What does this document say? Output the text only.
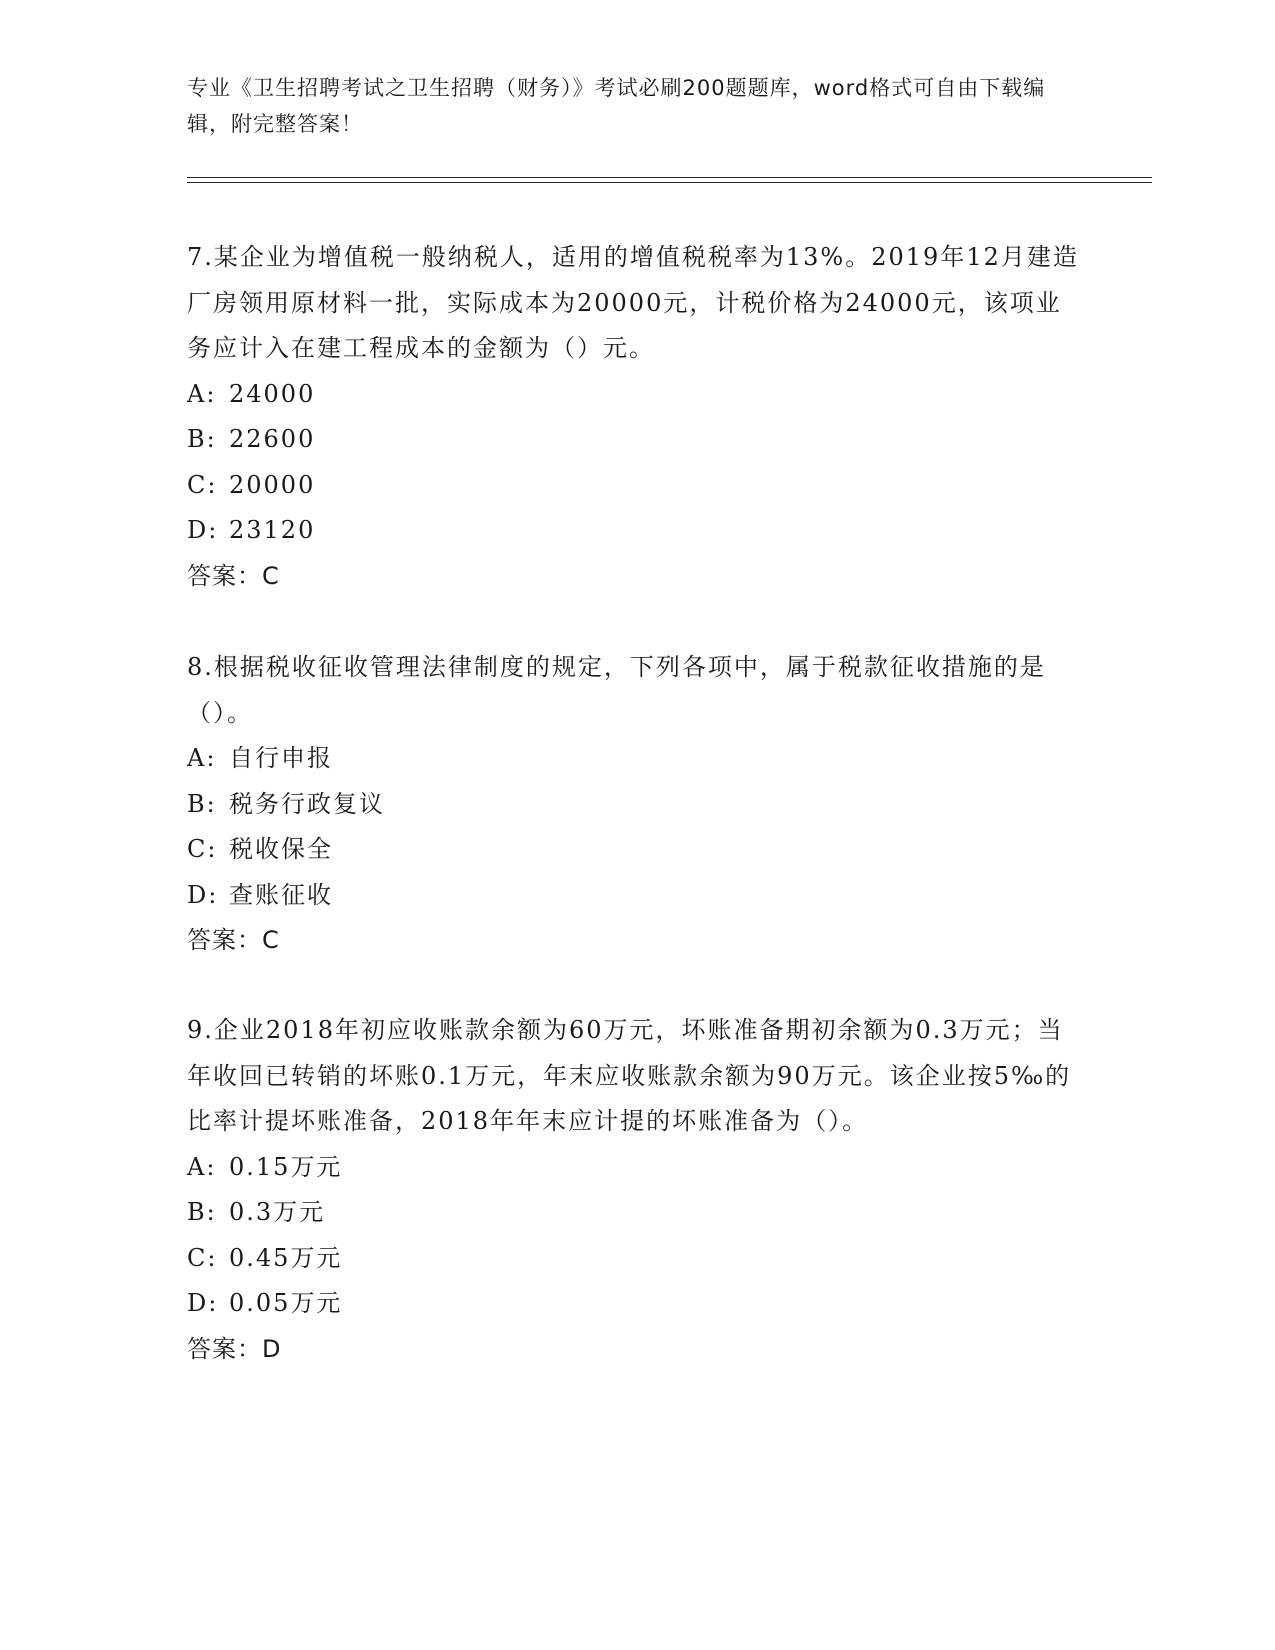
专业《卫生招聘考试之卫生招聘（财务）》考试必刷200题题库，word格式可自由下载编辑，附完整答案！
7.某企业为增值税一般纳税人，适用的增值税税率为13%。2019年12月建造厂房领用原材料一批，实际成本为20000元，计税价格为24000元，该项业务应计入在建工程成本的金额为（）元。
A: 24000
B: 22600
C: 20000
D: 23120
答案：C
8.根据税收征收管理法律制度的规定，下列各项中，属于税款征收措施的是（）。
A: 自行申报
B: 税务行政复议
C: 税收保全
D: 查账征收
答案：C
9.企业2018年初应收账款余额为60万元，坏账准备期初余额为0.3万元；当年收回已转销的坏账0.1万元，年末应收账款余额为90万元。该企业按5‰的比率计提坏账准备，2018年年末应计提的坏账准备为（）。
A: 0.15万元
B: 0.3万元
C: 0.45万元
D: 0.05万元
答案：D
